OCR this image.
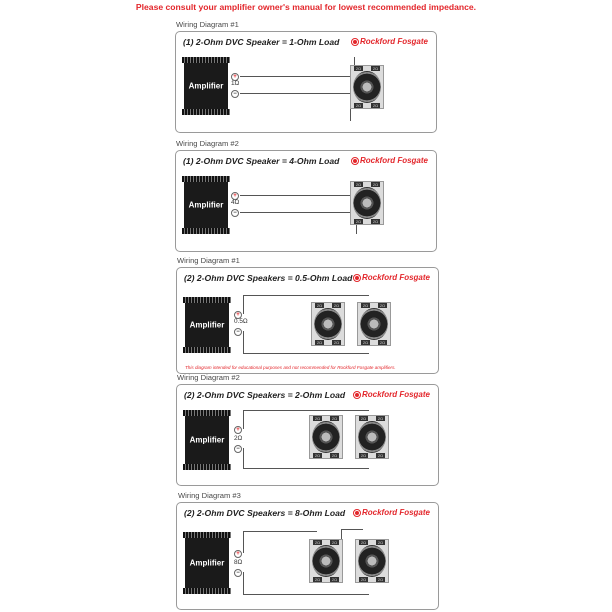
Please consult your amplifier owner's manual for lowest recommended impedance.
Wiring Diagram #1
(1) 2-Ohm DVC Speaker = 1-Ohm Load	Rockford Fosgate
Amplifier
+
−
1Ω
2Ω	2Ω
2Ω	2Ω
Wiring Diagram #2
(1) 2-Ohm DVC Speaker = 4-Ohm Load	Rockford Fosgate
Amplifier
+
−
4Ω
2Ω	2Ω
2Ω	2Ω
Wiring Diagram #1
(2) 2-Ohm DVC Speakers = 0.5-Ohm Load	Rockford Fosgate
Amplifier
+
−
0.5Ω
2Ω	2Ω
2Ω	2Ω
2Ω	2Ω
2Ω	2Ω
This diagram intended for educational purposes and not recommended for Rockford Fosgate amplifiers.
Wiring Diagram #2
(2) 2-Ohm DVC Speakers = 2-Ohm Load	Rockford Fosgate
Amplifier
+
−
2Ω
2Ω	2Ω
2Ω	2Ω
2Ω	2Ω
2Ω	2Ω
Wiring Diagram #3
(2) 2-Ohm DVC Speakers = 8-Ohm Load	Rockford Fosgate
Amplifier
+
−
8Ω
2Ω	2Ω
2Ω	2Ω
2Ω	2Ω
2Ω	2Ω
